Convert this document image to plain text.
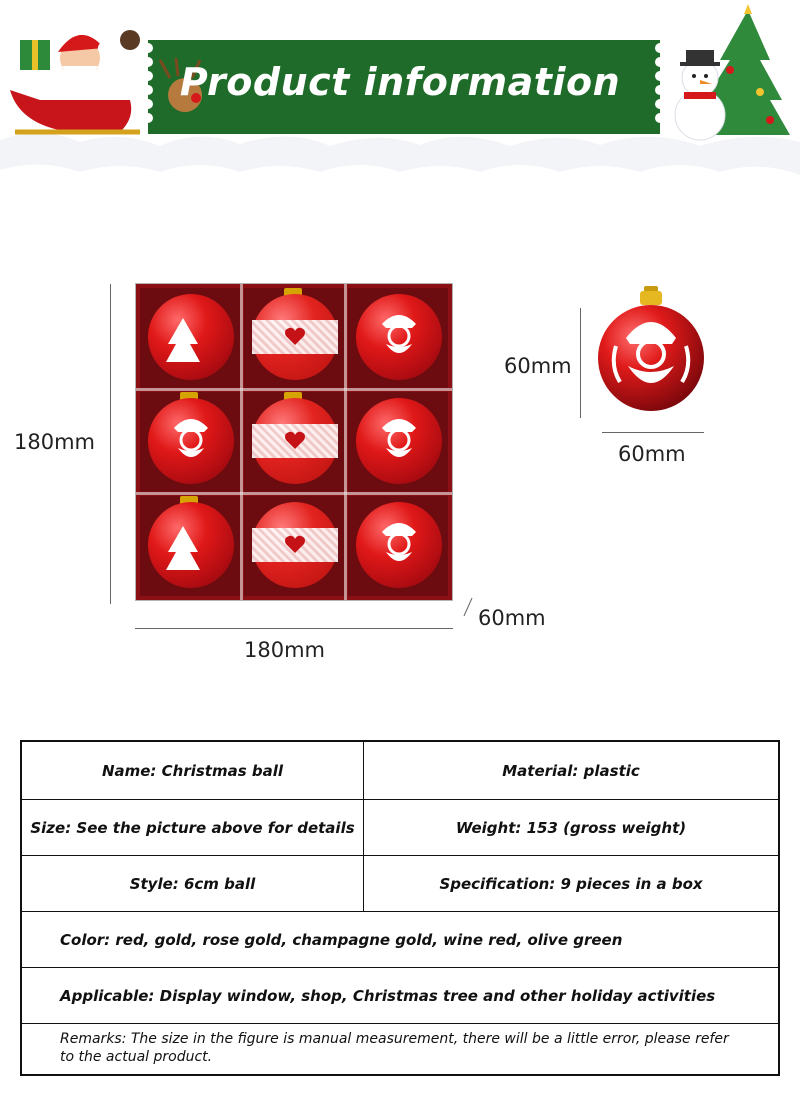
Product information
180mm
180mm
60mm
60mm
60mm
Name: Christmas ball	Material: plastic
Size: See the picture above for details	Weight: 153 (gross weight)
Style: 6cm ball	Specification: 9 pieces in a box
Color: red, gold, rose gold, champagne gold, wine red, olive green
Applicable: Display window, shop, Christmas tree and other holiday activities
Remarks: The size in the figure is manual measurement, there will be a little error, please refer to the actual product.
